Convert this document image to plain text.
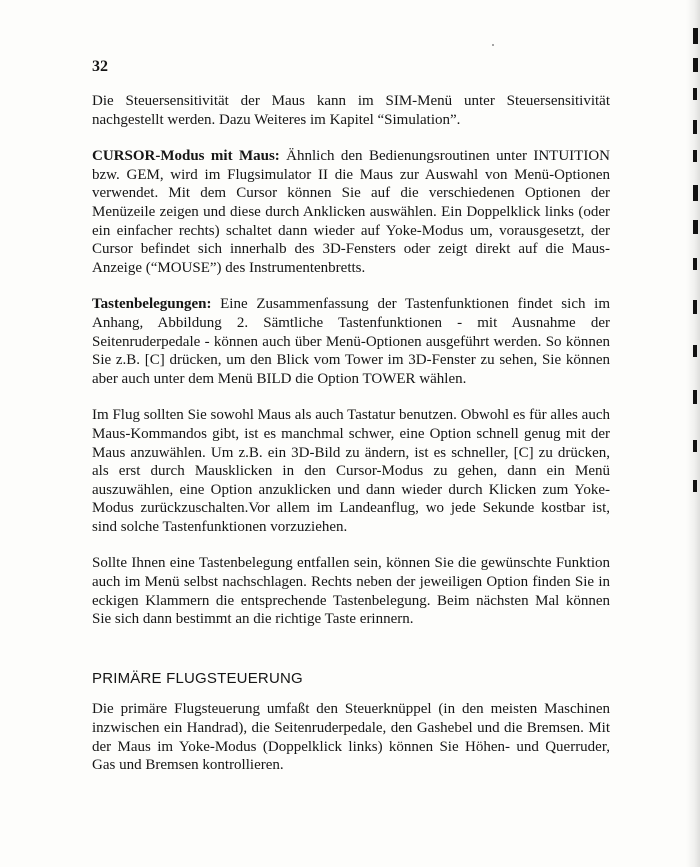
32

Die Steuersensitivität der Maus kann im SIM-Menü unter Steuersensitivität nachgestellt werden. Dazu Weiteres im Kapitel “Simulation”.

CURSOR-Modus mit Maus: Ähnlich den Bedienungsroutinen unter INTUITION bzw. GEM, wird im Flugsimulator II die Maus zur Auswahl von Menü-Optionen verwendet. Mit dem Cursor können Sie auf die verschiedenen Optionen der Menüzeile zeigen und diese durch Anklicken auswählen. Ein Doppelklick links (oder ein einfacher rechts) schaltet dann wieder auf Yoke-Modus um, vorausgesetzt, der Cursor befindet sich innerhalb des 3D-Fensters oder zeigt direkt auf die Maus-Anzeige (“MOUSE”) des Instrumentenbretts.

Tastenbelegungen: Eine Zusammenfassung der Tastenfunktionen findet sich im Anhang, Abbildung 2. Sämtliche Tastenfunktionen - mit Ausnahme der Seitenruderpedale - können auch über Menü-Optionen ausgeführt werden. So können Sie z.B. [C] drücken, um den Blick vom Tower im 3D-Fenster zu sehen, Sie können aber auch unter dem Menü BILD die Option TOWER wählen.

Im Flug sollten Sie sowohl Maus als auch Tastatur benutzen. Obwohl es für alles auch Maus-Kommandos gibt, ist es manchmal schwer, eine Option schnell genug mit der Maus anzuwählen. Um z.B. ein 3D-Bild zu ändern, ist es schneller, [C] zu drücken, als erst durch Mausklicken in den Cursor-Modus zu gehen, dann ein Menü auszuwählen, eine Option anzuklicken und dann wieder durch Klicken zum Yoke-Modus zurückzuschalten.Vor allem im Landeanflug, wo jede Sekunde kostbar ist, sind solche Tastenfunktionen vorzuziehen.

Sollte Ihnen eine Tastenbelegung entfallen sein, können Sie die gewünschte Funktion auch im Menü selbst nachschlagen. Rechts neben der jeweiligen Option finden Sie in eckigen Klammern die entsprechende Tastenbelegung. Beim nächsten Mal können Sie sich dann bestimmt an die richtige Taste erinnern.

PRIMÄRE FLUGSTEUERUNG

Die primäre Flugsteuerung umfaßt den Steuerknüppel (in den meisten Maschinen inzwischen ein Handrad), die Seitenruderpedale, den Gashebel und die Bremsen. Mit der Maus im Yoke-Modus (Doppelklick links) können Sie Höhen- und Querruder, Gas und Bremsen kontrollieren.
